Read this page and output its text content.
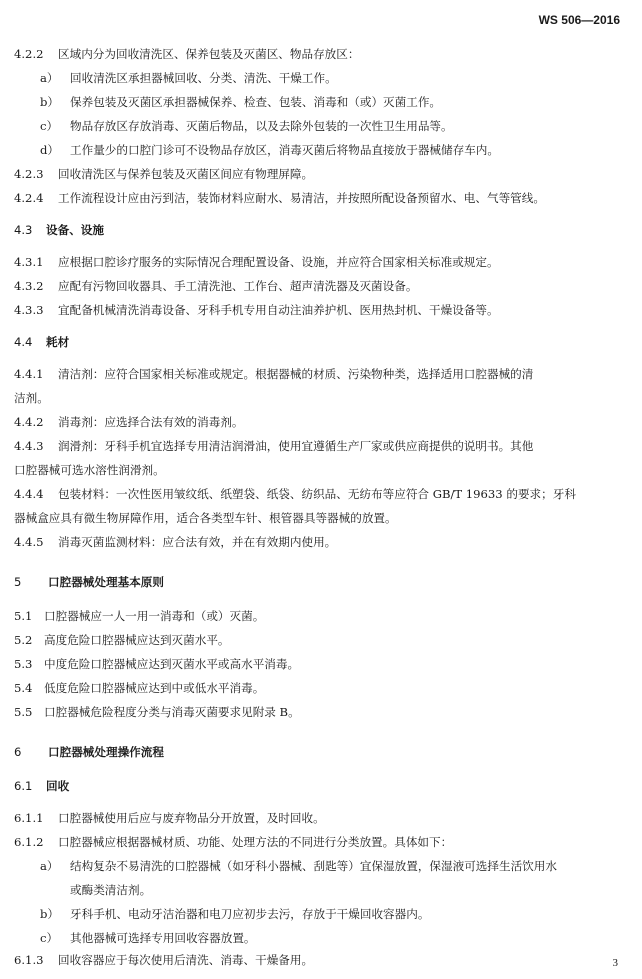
WS 506—2016
4.2.2 区域内分为回收清洗区、保养包装及灭菌区、物品存放区：
a） 回收清洗区承担器械回收、分类、清洗、干燥工作。
b） 保养包装及灭菌区承担器械保养、检查、包装、消毒和（或）灭菌工作。
c） 物品存放区存放消毒、灭菌后物品，以及去除外包装的一次性卫生用品等。
d） 工作量少的口腔门诊可不设物品存放区，消毒灭菌后将物品直接放于器械储存车内。
4.2.3 回收清洗区与保养包装及灭菌区间应有物理屏障。
4.2.4 工作流程设计应由污到洁，装饰材料应耐水、易清洁，并按照所配设备预留水、电、气等管线。
4.3 设备、设施
4.3.1 应根据口腔诊疗服务的实际情况合理配置设备、设施，并应符合国家相关标准或规定。
4.3.2 应配有污物回收器具、手工清洗池、工作台、超声清洗器及灭菌设备。
4.3.3 宜配备机械清洗消毒设备、牙科手机专用自动注油养护机、医用热封机、干燥设备等。
4.4 耗材
4.4.1 清洁剂：应符合国家相关标准或规定。根据器械的材质、污染物种类，选择适用口腔器械的清
洁剂。
4.4.2 消毒剂：应选择合法有效的消毒剂。
4.4.3 润滑剂：牙科手机宜选择专用清洁润滑油，使用宜遵循生产厂家或供应商提供的说明书。其他
口腔器械可选水溶性润滑剂。
4.4.4 包装材料：一次性医用皱纹纸、纸塑袋、纸袋、纺织品、无纺布等应符合 GB/T 19633 的要求；牙科
器械盒应具有微生物屏障作用，适合各类型车针、根管器具等器械的放置。
4.4.5 消毒灭菌监测材料：应合法有效，并在有效期内使用。
5 口腔器械处理基本原则
5.1 口腔器械应一人一用一消毒和（或）灭菌。
5.2 高度危险口腔器械应达到灭菌水平。
5.3 中度危险口腔器械应达到灭菌水平或高水平消毒。
5.4 低度危险口腔器械应达到中或低水平消毒。
5.5 口腔器械危险程度分类与消毒灭菌要求见附录 B。
6 口腔器械处理操作流程
6.1 回收
6.1.1 口腔器械使用后应与废弃物品分开放置，及时回收。
6.1.2 口腔器械应根据器械材质、功能、处理方法的不同进行分类放置。具体如下：
a） 结构复杂不易清洗的口腔器械（如牙科小器械、刮匙等）宜保湿放置，保湿液可选择生活饮用水
或酶类清洁剂。
b） 牙科手机、电动牙洁治器和电刀应初步去污，存放于干燥回收容器内。
c） 其他器械可选择专用回收容器放置。
6.1.3 回收容器应于每次使用后清洗、消毒、干燥备用。	3
